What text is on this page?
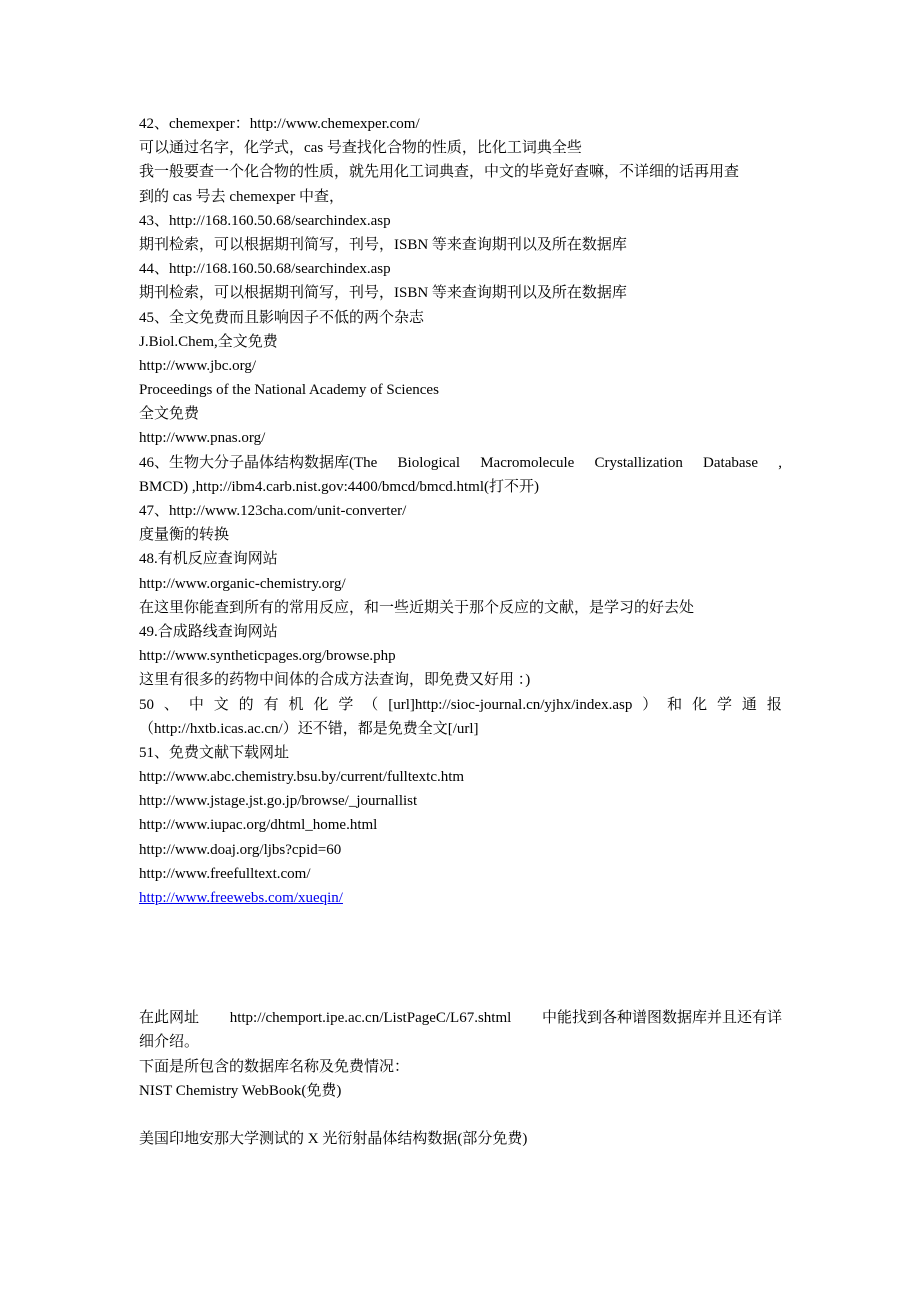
42、chemexper：http://www.chemexper.com/
可以通过名字，化学式，cas 号查找化合物的性质，比化工词典全些
我一般要查一个化合物的性质，就先用化工词典查，中文的毕竟好查嘛，不详细的话再用查
到的 cas 号去 chemexper 中查，
43、http://168.160.50.68/searchindex.asp
期刊检索，可以根据期刊简写，刊号，ISBN 等来查询期刊以及所在数据库
44、http://168.160.50.68/searchindex.asp
期刊检索，可以根据期刊简写，刊号，ISBN 等来查询期刊以及所在数据库
45、全文免费而且影响因子不低的两个杂志
J.Biol.Chem,全文免费
http://www.jbc.org/
Proceedings of the National Academy of Sciences
全文免费
http://www.pnas.org/
46、生物大分子晶体结构数据库(The Biological Macromolecule Crystallization Database ,
BMCD) ,http://ibm4.carb.nist.gov:4400/bmcd/bmcd.html(打不开)
47、http://www.123cha.com/unit-converter/
度量衡的转换
48.有机反应查询网站
http://www.organic-chemistry.org/
在这里你能查到所有的常用反应，和一些近期关于那个反应的文献，是学习的好去处
49.合成路线查询网站
http://www.syntheticpages.org/browse.php
这里有很多的药物中间体的合成方法查询，即免费又好用 ：)
50 、 中 文 的 有 机 化 学 （ [url]http://sioc-journal.cn/yjhx/index.asp ） 和 化 学 通 报
（http://hxtb.icas.ac.cn/）还不错，都是免费全文[/url]
51、免费文献下载网址
http://www.abc.chemistry.bsu.by/current/fulltextc.htm
http://www.jstage.jst.go.jp/browse/_journallist
http://www.iupac.org/dhtml_home.html
http://www.doaj.org/ljbs?cpid=60
http://www.freefulltext.com/
http://www.freewebs.com/xueqin/
在此网址 http://chemport.ipe.ac.cn/ListPageC/L67.shtml 中能找到各种谱图数据库并且还有详
细介绍。
下面是所包含的数据库名称及免费情况：
NIST Chemistry WebBook(免费)
美国印地安那大学测试的 X 光衍射晶体结构数据(部分免费)
